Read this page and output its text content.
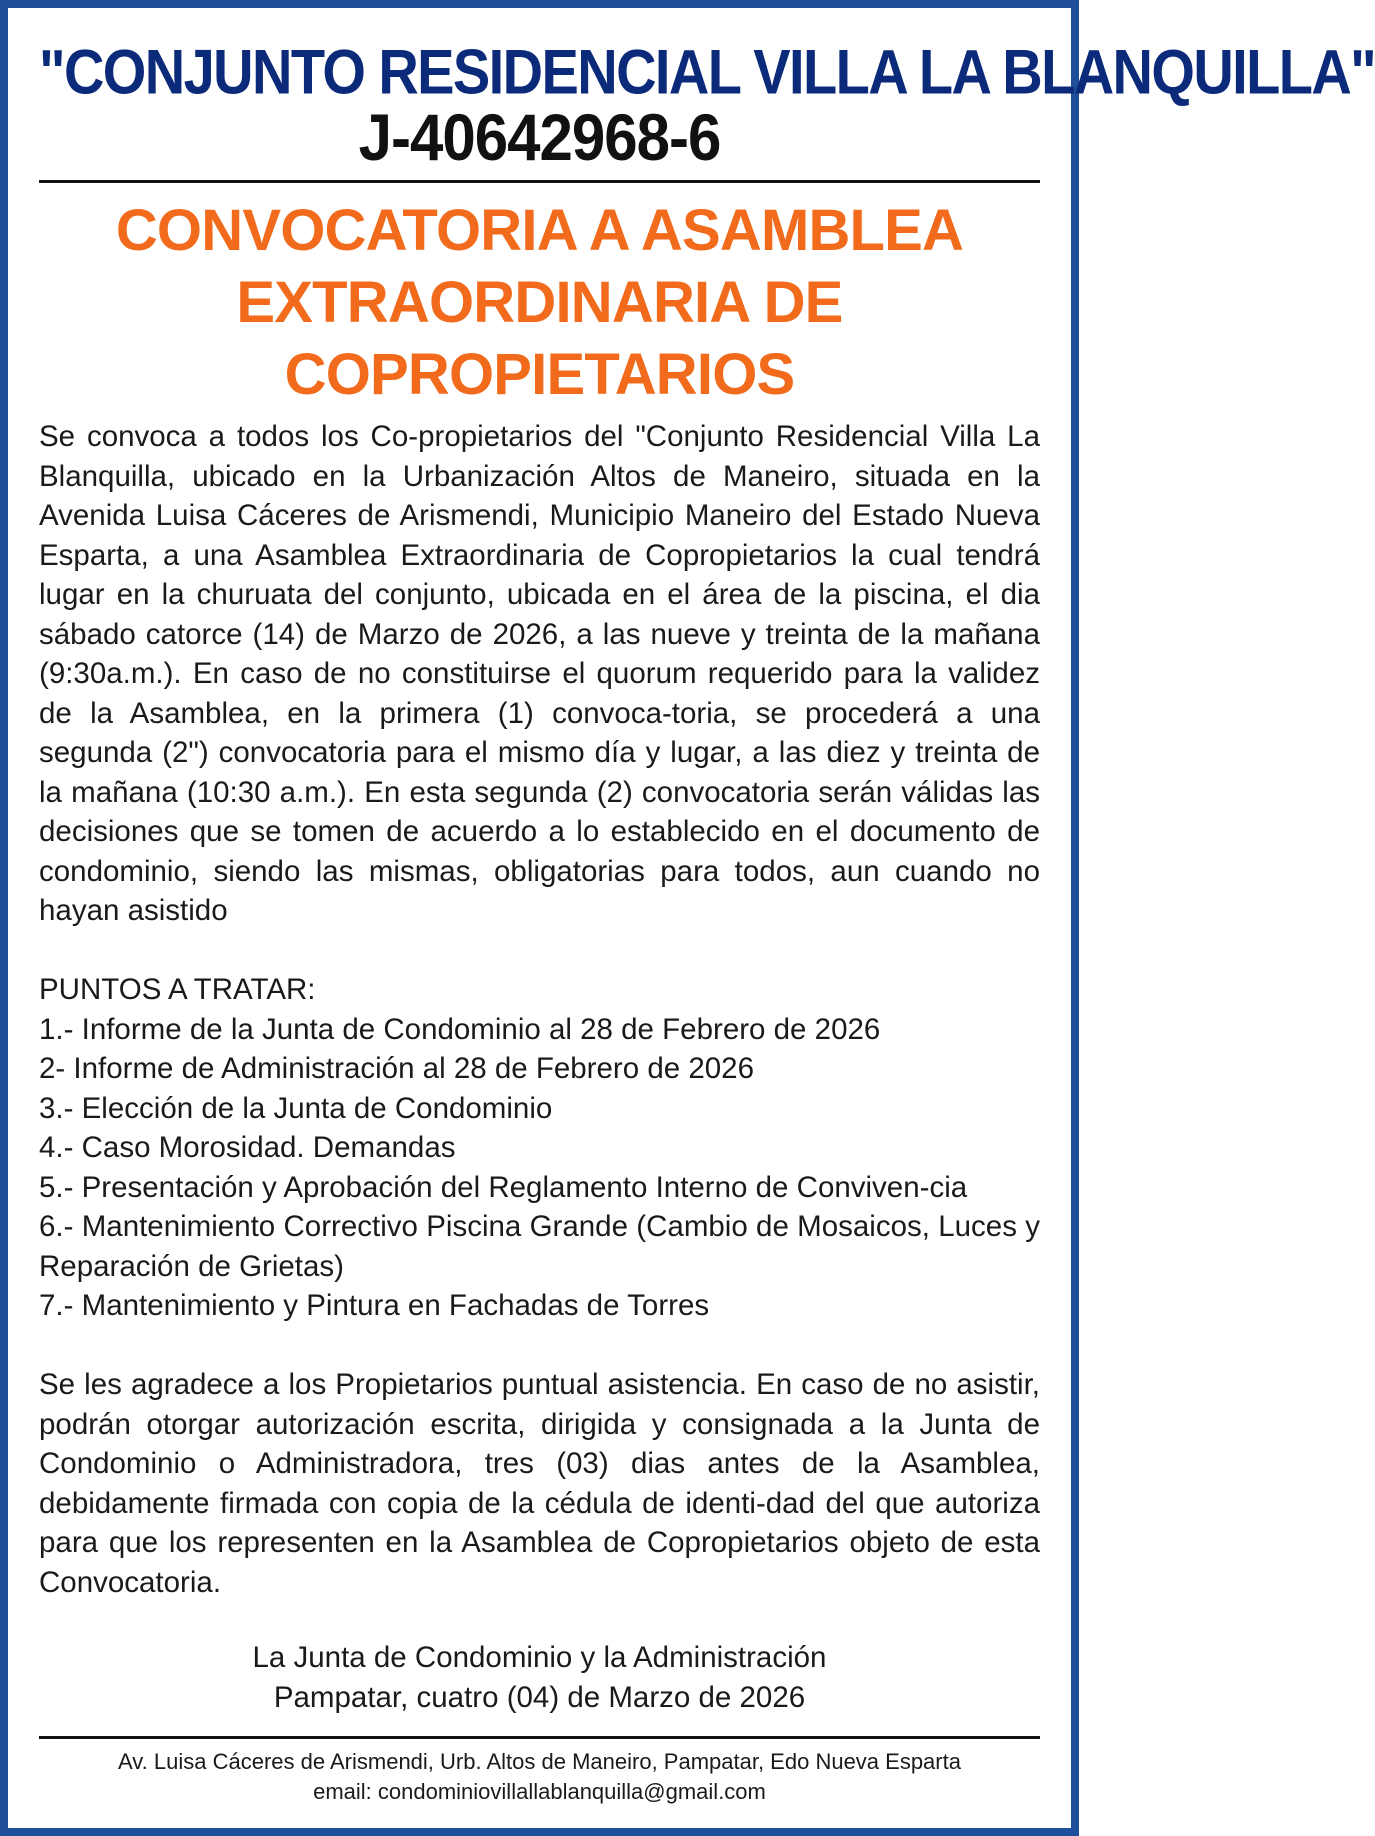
"CONJUNTO RESIDENCIAL VILLA LA BLANQUILLA"
J-40642968-6
CONVOCATORIA A ASAMBLEA
EXTRAORDINARIA DE COPROPIETARIOS

Se convoca a todos los Co-propietarios del "Conjunto Residencial Villa La Blanquilla, ubicado en la Urbanización Altos de Maneiro, situada en la Avenida Luisa Cáceres de Arismendi, Municipio Maneiro del Estado Nueva Esparta, a una Asamblea Extraordinaria de Copropietarios la cual tendrá lugar en la churuata del conjunto, ubicada en el área de la piscina, el dia sábado catorce (14) de Marzo de 2026, a las nueve y treinta de la mañana (9:30a.m.). En caso de no constituirse el quorum requerido para la validez de la Asamblea, en la primera (1) convoca-toria, se procederá a una segunda (2") convocatoria para el mismo día y lugar, a las diez y treinta de la mañana (10:30 a.m.). En esta segunda (2) convocatoria serán válidas las decisiones que se tomen de acuerdo a lo establecido en el documento de condominio, siendo las mismas, obligatorias para todos, aun cuando no hayan asistido

PUNTOS A TRATAR:

1.- Informe de la Junta de Condominio al 28 de Febrero de 2026

2- Informe de Administración al 28 de Febrero de 2026

3.- Elección de la Junta de Condominio

4.- Caso Morosidad. Demandas

5.- Presentación y Aprobación del Reglamento Interno de Conviven-cia

6.- Mantenimiento Correctivo Piscina Grande (Cambio de Mosaicos, Luces y Reparación de Grietas)

7.- Mantenimiento y Pintura en Fachadas de Torres

Se les agradece a los Propietarios puntual asistencia. En caso de no asistir, podrán otorgar autorización escrita, dirigida y consignada a la Junta de Condominio o Administradora, tres (03) dias antes de la Asamblea, debidamente firmada con copia de la cédula de identi-dad del que autoriza para que los representen en la Asamblea de Copropietarios objeto de esta Convocatoria.

La Junta de Condominio y la Administración
Pampatar, cuatro (04) de Marzo de 2026
Av. Luisa Cáceres de Arismendi, Urb. Altos de Maneiro, Pampatar, Edo Nueva Esparta
email: condominiovillallablanquilla@gmail.com
